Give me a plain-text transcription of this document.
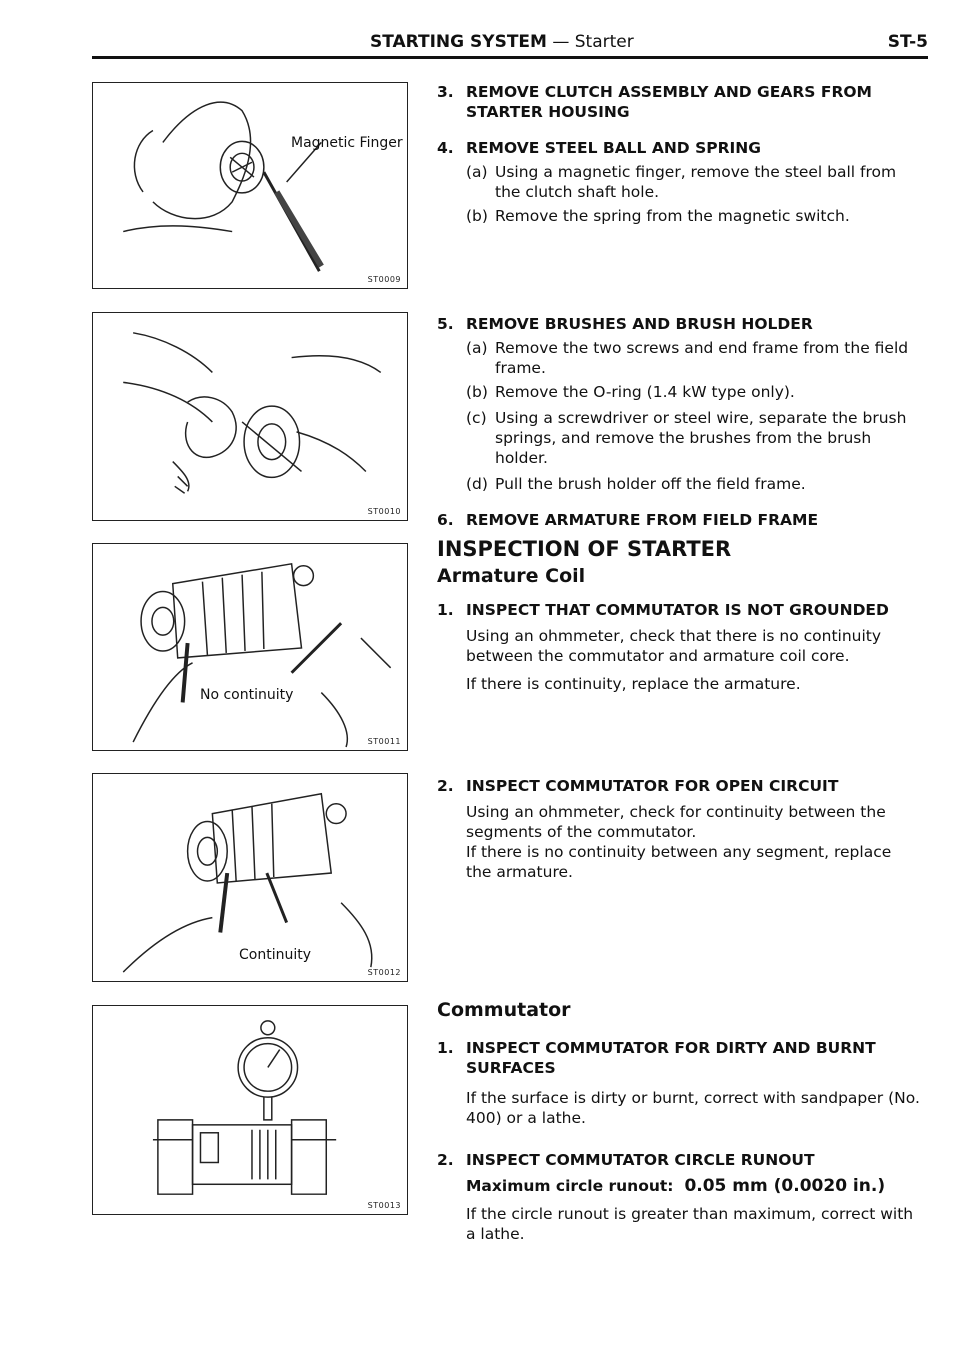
STARTING SYSTEM — Starter	ST-5
Magnetic Finger
ST0009
ST0010
No continuity
ST0011
Continuity
ST0012
ST0013
3. REMOVE CLUTCH ASSEMBLY AND GEARS FROM STARTER HOUSING
4. REMOVE STEEL BALL AND SPRING
(a) Using a magnetic finger, remove the steel ball from the clutch shaft hole.
(b) Remove the spring from the magnetic switch.
5. REMOVE BRUSHES AND BRUSH HOLDER
(a) Remove the two screws and end frame from the field frame.
(b) Remove the O-ring (1.4 kW type only).
(c) Using a screwdriver or steel wire, separate the brush springs, and remove the brushes from the brush holder.
(d) Pull the brush holder off the field frame.
6. REMOVE ARMATURE FROM FIELD FRAME
INSPECTION OF STARTER
Armature Coil
1. INSPECT THAT COMMUTATOR IS NOT GROUNDED
Using an ohmmeter, check that there is no continuity between the commutator and armature coil core.
If there is continuity, replace the armature.
2. INSPECT COMMUTATOR FOR OPEN CIRCUIT
Using an ohmmeter, check for continuity between the segments of the commutator.
If there is no continuity between any segment, replace the armature.
Commutator
1. INSPECT COMMUTATOR FOR DIRTY AND BURNT SURFACES
If the surface is dirty or burnt, correct with sandpaper (No. 400) or a lathe.
2. INSPECT COMMUTATOR CIRCLE RUNOUT
Maximum circle runout: 0.05 mm (0.0020 in.)
If the circle runout is greater than maximum, correct with a lathe.
